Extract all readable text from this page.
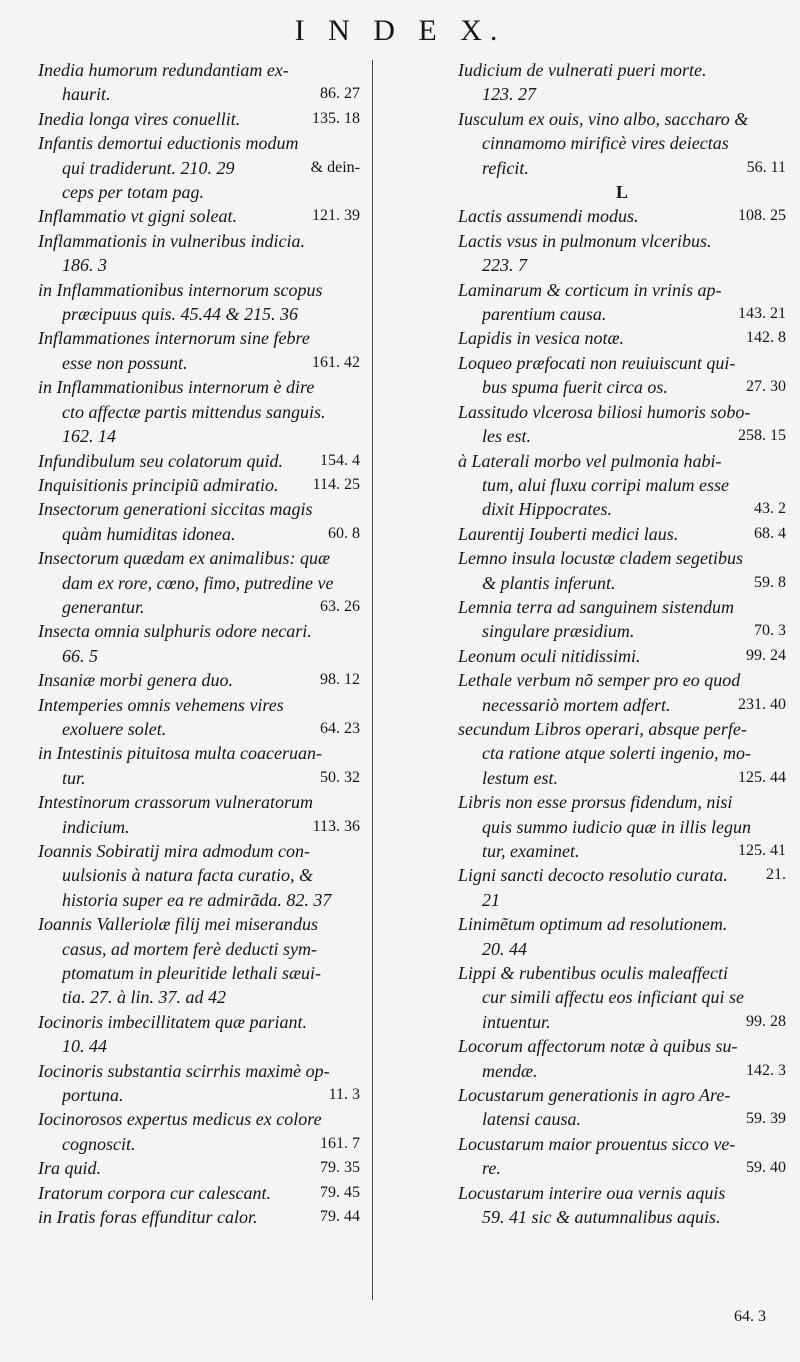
I N D E X.
Inedia humorum redundantiam ex-
haurit.	86. 27
Inedia longa vires conuellit.	135. 18
Infantis demortui eductionis modum
qui tradiderunt. 210. 29	& dein-
ceps per totam pag.
Inflammatio vt gigni soleat.	121. 39
Inflammationis in vulneribus indicia.
186. 3
in Inflammationibus internorum scopus
præcipuus quis. 45.44 & 215. 36
Inflammationes internorum sine febre
esse non possunt.	161. 42
in Inflammationibus internorum è dire
cto affectæ partis mittendus sanguis.
162. 14
Infundibulum seu colatorum quid.	154. 4
Inquisitionis principiũ admiratio.	114. 25
Insectorum generationi siccitas magis
quàm humiditas idonea.	60. 8
Insectorum quædam ex animalibus: quæ
dam ex rore, cœno, fimo, putredine ve
generantur.	63. 26
Insecta omnia sulphuris odore necari.
66. 5
Insaniæ morbi genera duo.	98. 12
Intemperies omnis vehemens vires
exoluere solet.	64. 23
in Intestinis pituitosa multa coaceruan-
tur.	50. 32
Intestinorum crassorum vulneratorum
indicium.	113. 36
Ioannis Sobiratij mira admodum con-
uulsionis à natura facta curatio, &
historia super ea re admirãda. 82. 37
Ioannis Valleriolæ filij mei miserandus
casus, ad mortem ferè deducti sym-
ptomatum in pleuritide lethali sæui-
tia. 27. à lin. 37. ad 42
Iocinoris imbecillitatem quæ pariant.
10. 44
Iocinoris substantia scirrhis maximè op-
portuna.	11. 3
Iocinorosos expertus medicus ex colore
cognoscit.	161. 7
Ira quid.	79. 35
Iratorum corpora cur calescant.	79. 45
in Iratis foras effunditur calor.	79. 44
Iudicium de vulnerati pueri morte.
123. 27
Iusculum ex ouis, vino albo, saccharo &
cinnamomo mirificè vires deiectas
reficit.	56. 11
L
Lactis assumendi modus.	108. 25
Lactis vsus in pulmonum vlceribus.
223. 7
Laminarum & corticum in vrinis ap-
parentium causa.	143. 21
Lapidis in vesica notæ.	142. 8
Loqueo præfocati non reuiuiscunt qui-
bus spuma fuerit circa os.	27. 30
Lassitudo vlcerosa biliosi humoris sobo-
les est.	258. 15
à Laterali morbo vel pulmonia habi-
tum, alui fluxu corripi malum esse
dixit Hippocrates.	43. 2
Laurentij Iouberti medici laus.	68. 4
Lemno insula locustæ cladem segetibus
& plantis inferunt.	59. 8
Lemnia terra ad sanguinem sistendum
singulare præsidium.	70. 3
Leonum oculi nitidissimi.	99. 24
Lethale verbum nõ semper pro eo quod
necessariò mortem adfert.	231. 40
secundum Libros operari, absque perfe-
cta ratione atque solerti ingenio, mo-
lestum est.	125. 44
Libris non esse prorsus fidendum, nisi
quis summo iudicio quæ in illis legun
tur, examinet.	125. 41
Ligni sancti decocto resolutio curata.	21.
21
Linimẽtum optimum ad resolutionem.
20. 44
Lippi & rubentibus oculis maleaffecti
cur simili affectu eos inficiant qui se
intuentur.	99. 28
Locorum affectorum notæ à quibus su-
mendæ.	142. 3
Locustarum generationis in agro Are-
latensi causa.	59. 39
Locustarum maior prouentus sicco ve-
re.	59. 40
Locustarum interire oua vernis aquis
59. 41 sic & autumnalibus aquis.
64. 3
